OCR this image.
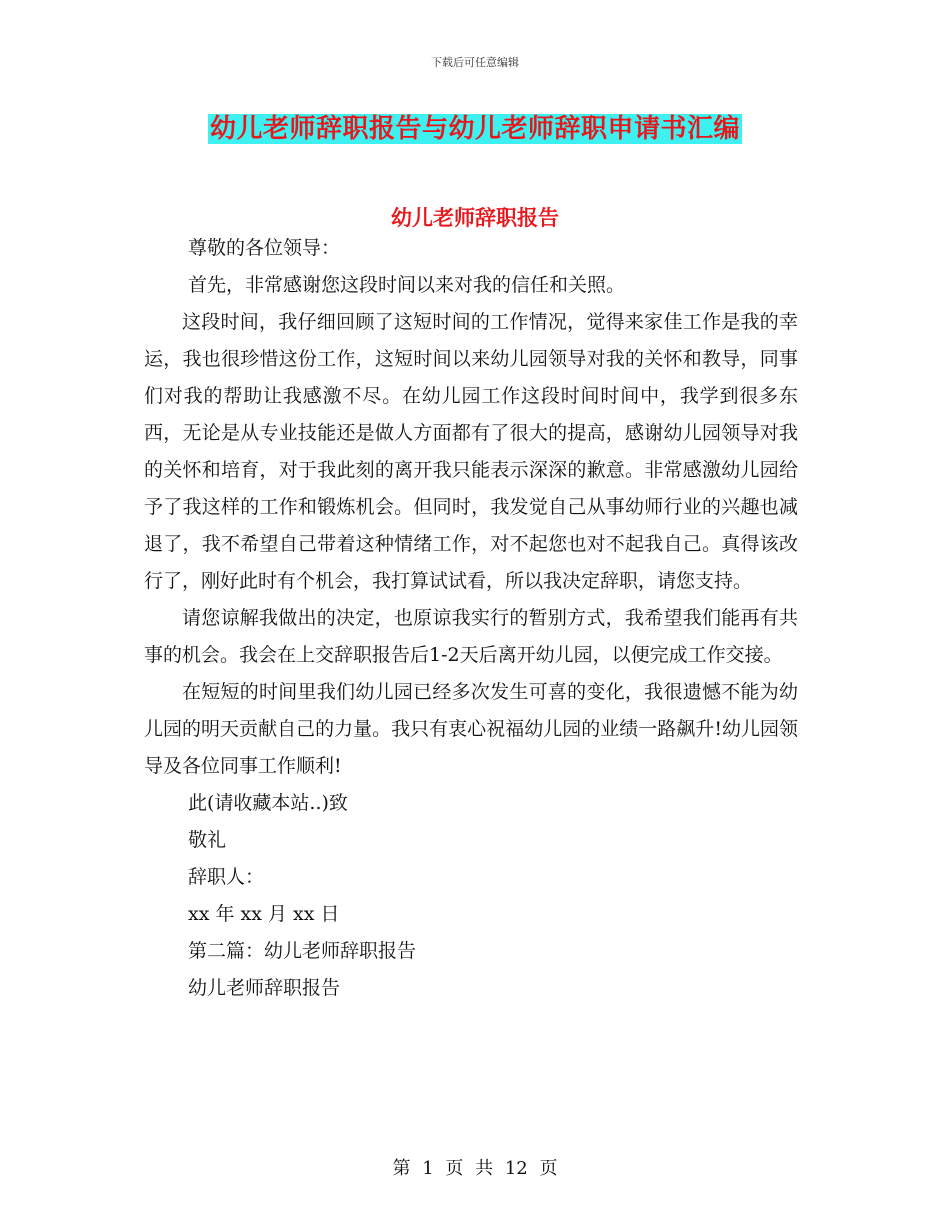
下载后可任意编辑
幼儿老师辞职报告与幼儿老师辞职申请书汇编
幼儿老师辞职报告

尊敬的各位领导：

首先，非常感谢您这段时间以来对我的信任和关照。

这段时间，我仔细回顾了这短时间的工作情况，觉得来家佳工作是我的幸运，我也很珍惜这份工作，这短时间以来幼儿园领导对我的关怀和教导，同事们对我的帮助让我感激不尽。在幼儿园工作这段时间时间中，我学到很多东西，无论是从专业技能还是做人方面都有了很大的提高，感谢幼儿园领导对我的关怀和培育，对于我此刻的离开我只能表示深深的歉意。非常感激幼儿园给予了我这样的工作和锻炼机会。但同时，我发觉自己从事幼师行业的兴趣也减退了，我不希望自己带着这种情绪工作，对不起您也对不起我自己。真得该改行了，刚好此时有个机会，我打算试试看，所以我决定辞职，请您支持。

请您谅解我做出的决定，也原谅我实行的暂别方式，我希望我们能再有共事的机会。我会在上交辞职报告后1-2天后离开幼儿园，以便完成工作交接。

在短短的时间里我们幼儿园已经多次发生可喜的变化，我很遗憾不能为幼儿园的明天贡献自己的力量。我只有衷心祝福幼儿园的业绩一路飙升!幼儿园领导及各位同事工作顺利!

此(请收藏本站..)致

敬礼

辞职人：

xx 年 xx 月 xx 日

第二篇：幼儿老师辞职报告

幼儿老师辞职报告

第 1 页 共 12 页
